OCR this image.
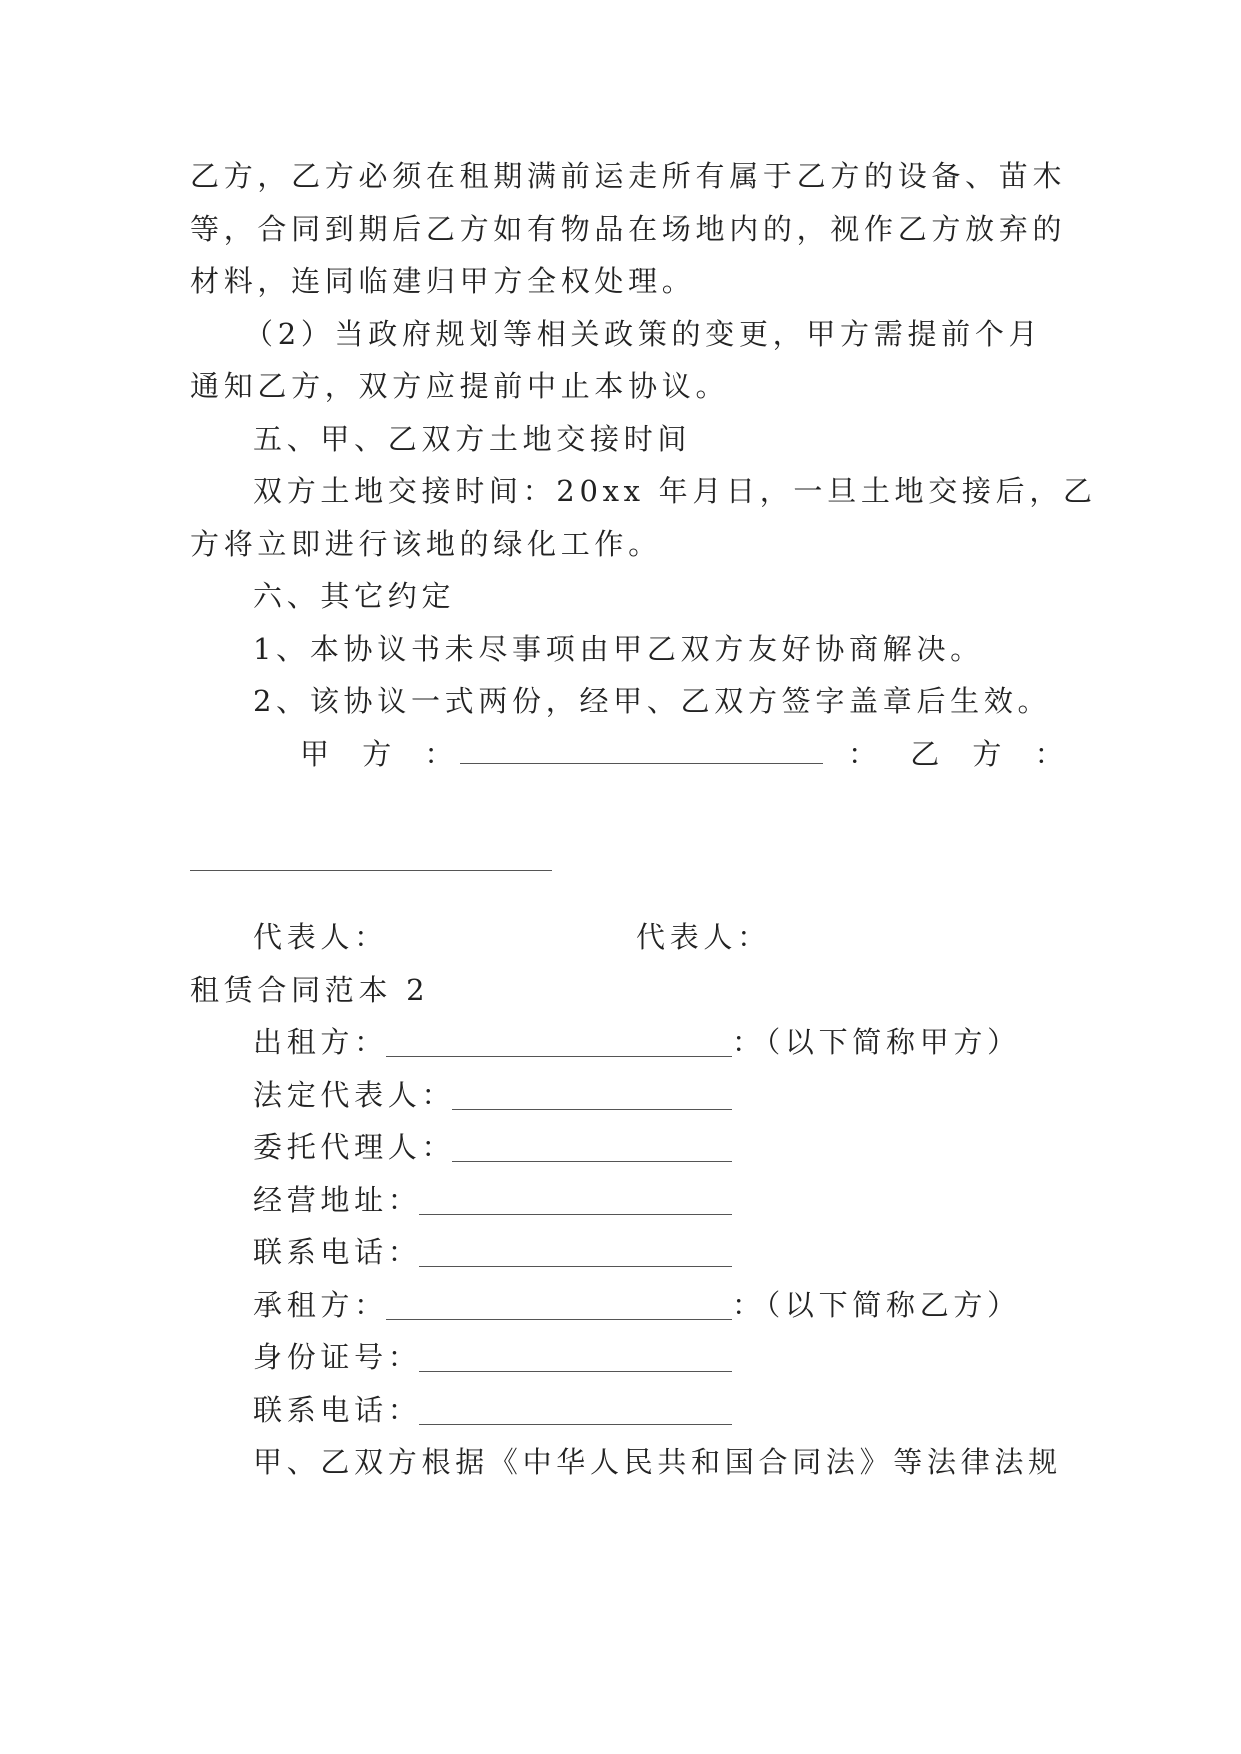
乙方，乙方必须在租期满前运走所有属于乙方的设备、苗木
等，合同到期后乙方如有物品在场地内的，视作乙方放弃的
材料，连同临建归甲方全权处理。
（2）当政府规划等相关政策的变更，甲方需提前个月
通知乙方，双方应提前中止本协议。
五、甲、乙双方土地交接时间
双方土地交接时间：20xx 年月日，一旦土地交接后，乙
方将立即进行该地的绿化工作。
六、其它约定
1、本协议书未尽事项由甲乙双方友好协商解决。
2、该协议一式两份，经甲、乙双方签字盖章后生效。
甲 方 ：	： 乙 方 ：
代表人：	代表人：
租赁合同范本 2
出租方：	：（以下简称甲方）
法定代表人：
委托代理人：
经营地址：
联系电话：
承租方：	：（以下简称乙方）
身份证号：
联系电话：
甲、乙双方根据《中华人民共和国合同法》等法律法规
